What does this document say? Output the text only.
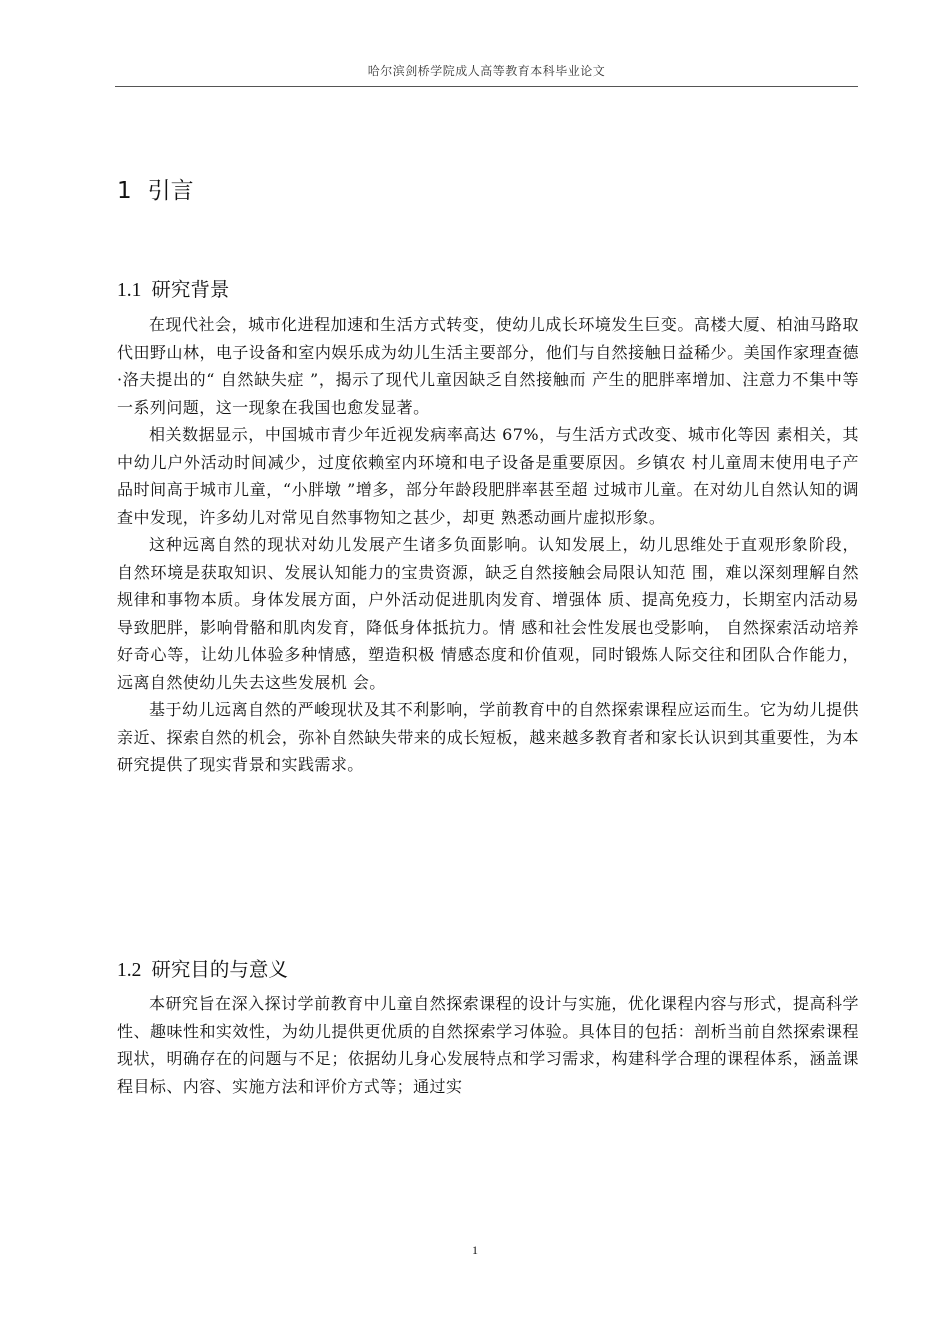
哈尔滨剑桥学院成人高等教育本科毕业论文
1 引言
1.1 研究背景

在现代社会，城市化进程加速和生活方式转变，使幼儿成长环境发生巨变。高楼大厦、柏油马路取代田野山林，电子设备和室内娱乐成为幼儿生活主要部分，他们与自然接触日益稀少。美国作家理查德·洛夫提出的“ 自然缺失症 ”，揭示了现代儿童因缺乏自然接触而 产生的肥胖率增加、注意力不集中等一系列问题，这一现象在我国也愈发显著。

相关数据显示，中国城市青少年近视发病率高达 67%，与生活方式改变、城市化等因 素相关，其中幼儿户外活动时间减少，过度依赖室内环境和电子设备是重要原因。乡镇农 村儿童周末使用电子产品时间高于城市儿童，“小胖墩 ”增多，部分年龄段肥胖率甚至超 过城市儿童。在对幼儿自然认知的调查中发现，许多幼儿对常见自然事物知之甚少，却更 熟悉动画片虚拟形象。

这种远离自然的现状对幼儿发展产生诸多负面影响。认知发展上，幼儿思维处于直观形象阶段， 自然环境是获取知识、发展认知能力的宝贵资源，缺乏自然接触会局限认知范 围，难以深刻理解自然规律和事物本质。身体发展方面，户外活动促进肌肉发育、增强体 质、提高免疫力，长期室内活动易导致肥胖，影响骨骼和肌肉发育，降低身体抵抗力。情 感和社会性发展也受影响， 自然探索活动培养好奇心等，让幼儿体验多种情感，塑造积极 情感态度和价值观，同时锻炼人际交往和团队合作能力，远离自然使幼儿失去这些发展机 会。

基于幼儿远离自然的严峻现状及其不利影响，学前教育中的自然探索课程应运而生。它为幼儿提供亲近、探索自然的机会，弥补自然缺失带来的成长短板，越来越多教育者和家长认识到其重要性，为本研究提供了现实背景和实践需求。

1.2 研究目的与意义

本研究旨在深入探讨学前教育中儿童自然探索课程的设计与实施，优化课程内容与形式，提高科学性、趣味性和实效性，为幼儿提供更优质的自然探索学习体验。具体目的包括：剖析当前自然探索课程现状，明确存在的问题与不足；依据幼儿身心发展特点和学习需求，构建科学合理的课程体系，涵盖课程目标、内容、实施方法和评价方式等；通过实

1
